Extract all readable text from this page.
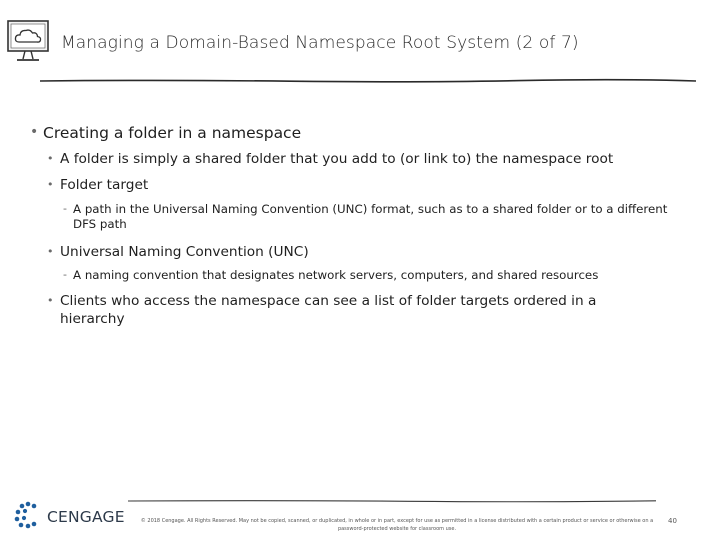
Managing a Domain-Based Namespace Root System (2 of 7)
• Creating a folder in a namespace
• A folder is simply a shared folder that you add to (or link to) the namespace root
• Folder target
- A path in the Universal Naming Convention (UNC) format, such as to a shared folder or to a different DFS path
• Universal Naming Convention (UNC)
- A naming convention that designates network servers, computers, and shared resources
• Clients who access the namespace can see a list of folder targets ordered in a hierarchy
CENGAGE	© 2018 Cengage. All Rights Reserved. May not be copied, scanned, or duplicated, in whole or in part, except for use as permitted in a license distributed with a certain product or service or otherwise on a password-protected website for classroom use.
40
